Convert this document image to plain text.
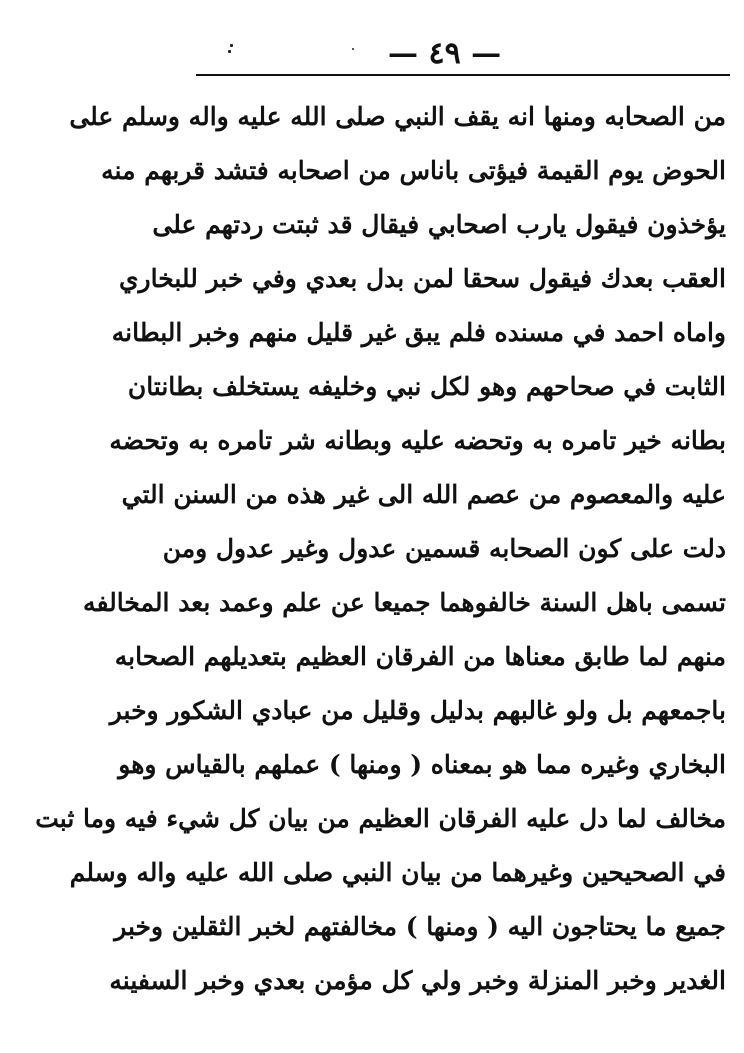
— ٤٩ —
من الصحابه ومنها انه يقف النبي صلى الله عليه واله وسلم على
الحوض يوم القيمة فيؤتى باناس من اصحابه فتشد قربهم منه
يؤخذون فيقول يارب اصحابي فيقال قد ثبتت ردتهم على
العقب بعدك فيقول سحقا لمن بدل بعدي وفي خبر للبخاري
واماه احمد في مسنده فلم يبق غير قليل منهم وخبر البطانه
الثابت في صحاحهم وهو لكل نبي وخليفه يستخلف بطانتان
بطانه خير تامره به وتحضه عليه وبطانه شر تامره به وتحضه
عليه والمعصوم من عصم الله الى غير هذه من السنن التي
دلت على كون الصحابه قسمين عدول وغير عدول ومن
تسمى باهل السنة خالفوهما جميعا عن علم وعمد بعد المخالفه
منهم لما طابق معناها من الفرقان العظيم بتعديلهم الصحابه
باجمعهم بل ولو غالبهم بدليل وقليل من عبادي الشكور وخبر
البخاري وغيره مما هو بمعناه ( ومنها ) عملهم بالقياس وهو
مخالف لما دل عليه الفرقان العظيم من بيان كل شيء فيه وما ثبت
في الصحيحين وغيرهما من بيان النبي صلى الله عليه واله وسلم
جميع ما يحتاجون اليه ( ومنها ) مخالفتهم لخبر الثقلين وخبر
الغدير وخبر المنزلة وخبر ولي كل مؤمن بعدي وخبر السفينه
